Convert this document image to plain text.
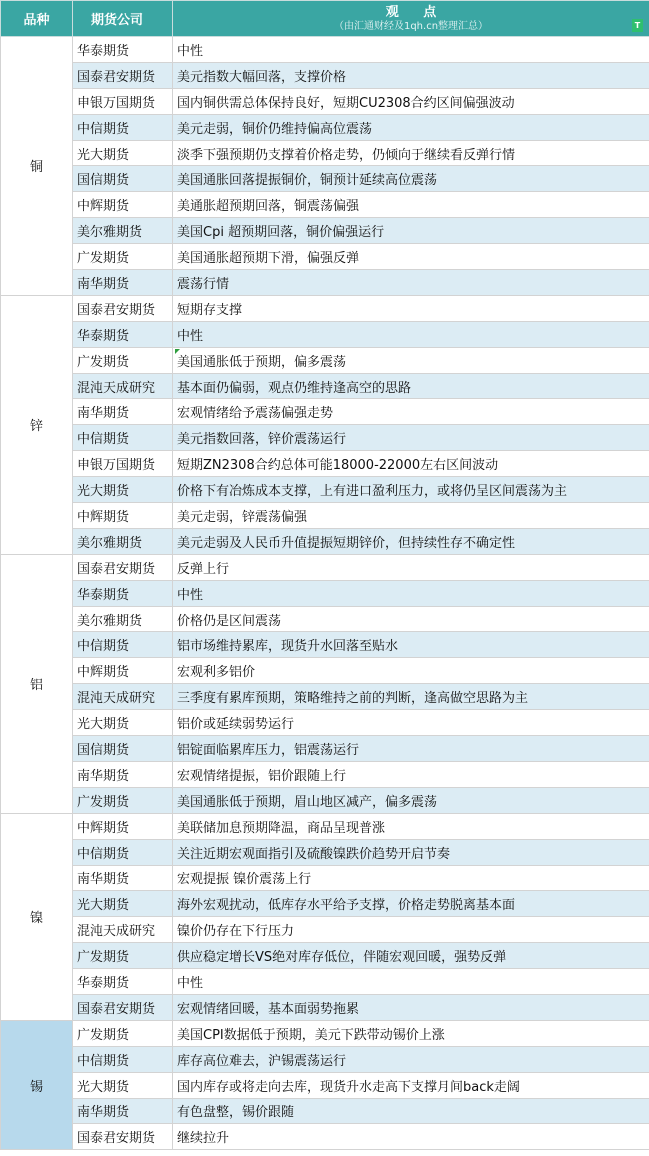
品种	期货公司	观 点
（由汇通财经及1qh.cn整理汇总） T

铜	华泰期货	中性
	国泰君安期货	美元指数大幅回落，支撑价格
	申银万国期货	国内铜供需总体保持良好，短期CU2308合约区间偏强波动
	中信期货	美元走弱，铜价仍维持偏高位震荡
	光大期货	淡季下强预期仍支撑着价格走势，仍倾向于继续看反弹行情
	国信期货	美国通胀回落提振铜价，铜预计延续高位震荡
	中辉期货	美通胀超预期回落，铜震荡偏强
	美尔雅期货	美国Cpi 超预期回落，铜价偏强运行
	广发期货	美国通胀超预期下滑，偏强反弹
	南华期货	震荡行情
锌	国泰君安期货	短期存支撑
	华泰期货	中性
	广发期货	美国通胀低于预期，偏多震荡
	混沌天成研究	基本面仍偏弱，观点仍维持逢高空的思路
	南华期货	宏观情绪给予震荡偏强走势
	中信期货	美元指数回落，锌价震荡运行
	申银万国期货	短期ZN2308合约总体可能18000-22000左右区间波动
	光大期货	价格下有冶炼成本支撑，上有进口盈利压力，或将仍呈区间震荡为主
	中辉期货	美元走弱，锌震荡偏强
	美尔雅期货	美元走弱及人民币升值提振短期锌价，但持续性存不确定性
铝	国泰君安期货	反弹上行
	华泰期货	中性
	美尔雅期货	价格仍是区间震荡
	中信期货	铝市场维持累库，现货升水回落至贴水
	中辉期货	宏观利多铝价
	混沌天成研究	三季度有累库预期，策略维持之前的判断，逢高做空思路为主
	光大期货	铝价或延续弱势运行
	国信期货	铝锭面临累库压力，铝震荡运行
	南华期货	宏观情绪提振，铝价跟随上行
	广发期货	美国通胀低于预期，眉山地区减产，偏多震荡
镍	中辉期货	美联储加息预期降温，商品呈现普涨
	中信期货	关注近期宏观面指引及硫酸镍跌价趋势开启节奏
	南华期货	宏观提振 镍价震荡上行
	光大期货	海外宏观扰动，低库存水平给予支撑，价格走势脱离基本面
	混沌天成研究	镍价仍存在下行压力
	广发期货	供应稳定增长VS绝对库存低位，伴随宏观回暖，强势反弹
	华泰期货	中性
	国泰君安期货	宏观情绪回暖，基本面弱势拖累
锡	广发期货	美国CPI数据低于预期，美元下跌带动锡价上涨
	中信期货	库存高位难去，沪锡震荡运行
	光大期货	国内库存或将走向去库，现货升水走高下支撑月间back走阔
	南华期货	有色盘整，锡价跟随
	国泰君安期货	继续拉升
